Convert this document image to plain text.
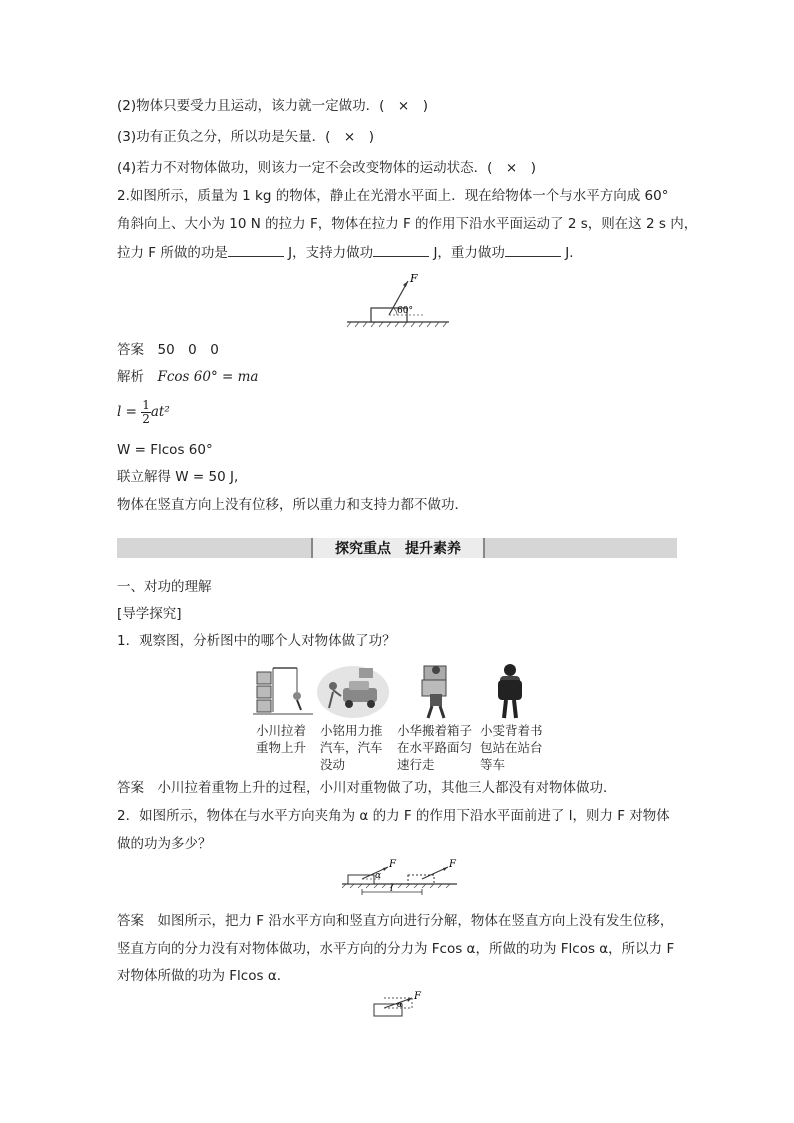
(2)物体只要受力且运动，该力就一定做功．(　×　)
(3)功有正负之分，所以功是矢量．(　×　)
(4)若力不对物体做功，则该力一定不会改变物体的运动状态．(　×　)
2.如图所示，质量为 1 kg 的物体，静止在光滑水平面上．现在给物体一个与水平方向成 60°
角斜向上、大小为 10 N 的拉力 F，物体在拉力 F 的作用下沿水平面运动了 2 s，则在这 2 s 内，
拉力 F 所做的功是	J，支持力做功	J，重力做功	J.
F
60°
答案　50　0　0
解析　 Fcos 60° = ma
$l = \frac{1}{2} at^2$
W = Flcos 60°
联立解得 W = 50 J,
物体在竖直方向上没有位移，所以重力和支持力都不做功．
探究重点 提升素养
一、对功的理解
[导学探究]
1．观察图，分析图中的哪个人对物体做了功？
小川拉着重物上升
小铭用力推汽车，汽车没动
小华搬着箱子在水平路面匀速行走
小雯背着书包站在站台等车
答案　小川拉着重物上升的过程，小川对重物做了功，其他三人都没有对物体做功．
2．如图所示，物体在与水平方向夹角为 α 的力 F 的作用下沿水平面前进了 l，则力 F 对物体
做的功为多少？
F	F
α
l
答案　如图所示，把力 F 沿水平方向和竖直方向进行分解，物体在竖直方向上没有发生位移，
竖直方向的分力没有对物体做功，水平方向的分力为 Fcos α，所做的功为 Flcos α，所以力 F
对物体所做的功为 Flcos α.
F
α
